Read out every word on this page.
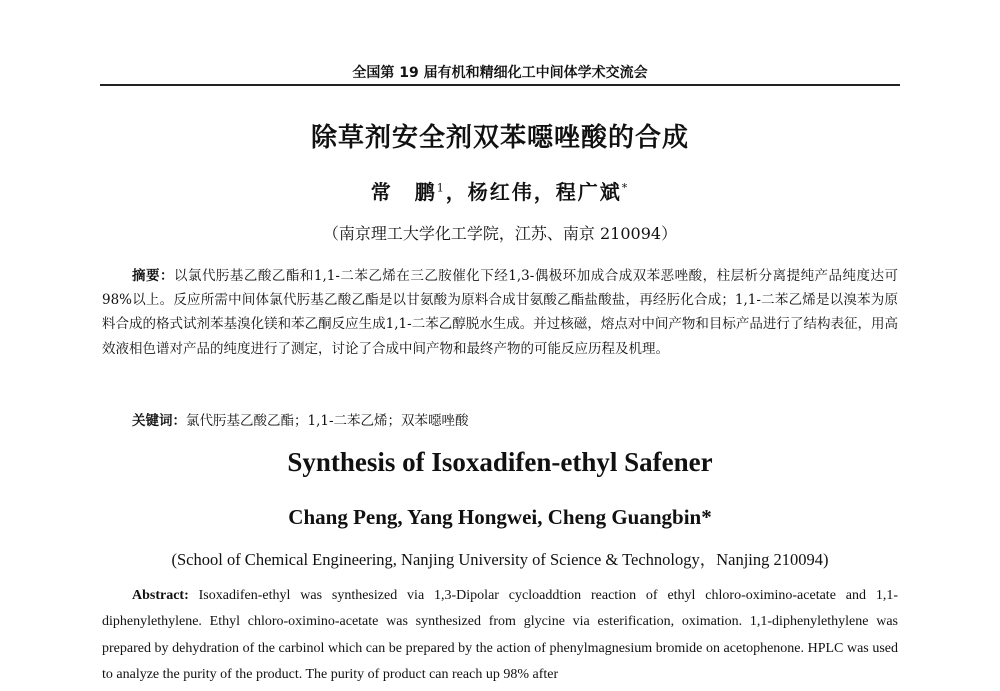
全国第 19 届有机和精细化工中间体学术交流会
除草剂安全剂双苯噁唑酸的合成
常　鹏$^1$，杨红伟，程广斌*
（南京理工大学化工学院，江苏、南京 210094）
摘要：以氯代肟基乙酸乙酯和1,1-二苯乙烯在三乙胺催化下经1,3-偶极环加成合成双苯恶唑酸，柱层析分离提纯产品纯度达可98%以上。反应所需中间体氯代肟基乙酸乙酯是以甘氨酸为原料合成甘氨酸乙酯盐酸盐，再经肟化合成；1,1-二苯乙烯是以溴苯为原料合成的格式试剂苯基溴化镁和苯乙酮反应生成1,1-二苯乙醇脱水生成。并过核磁，熔点对中间产物和目标产品进行了结构表征，用高效液相色谱对产品的纯度进行了测定，讨论了合成中间产物和最终产物的可能反应历程及机理。
关键词：氯代肟基乙酸乙酯；1,1-二苯乙烯；双苯噁唑酸
Synthesis of Isoxadifen-ethyl Safener
Chang Peng, Yang Hongwei, Cheng Guangbin*
(School of Chemical Engineering, Nanjing University of Science & Technology，Nanjing 210094)
Abstract: Isoxadifen-ethyl was synthesized via 1,3-Dipolar cycloaddtion reaction of ethyl chloro-oximino-acetate and 1,1-diphenylethylene. Ethyl chloro-oximino-acetate was synthesized from glycine via esterification, oximation. 1,1-diphenylethylene was prepared by dehydration of the carbinol which can be prepared by the action of phenylmagnesium bromide on acetophenone. HPLC was used to analyze the purity of the product. The purity of product can reach up 98% after
